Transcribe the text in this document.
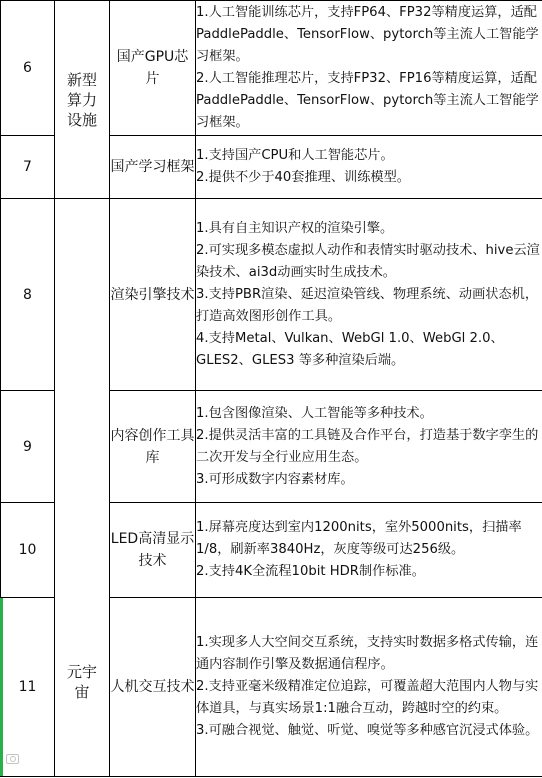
6	新型算力设施	国产GPU芯片	1.人工智能训练芯片，支持FP64、FP32等精度运算，适配PaddlePaddle、TensorFlow、pytorch等主流人工智能学习框架。

2.人工智能推理芯片，支持FP32、FP16等精度运算，适配PaddlePaddle、TensorFlow、pytorch等主流人工智能学习框架。

7		国产学习框架	1.支持国产CPU和人工智能芯片。

2.提供不少于40套推理、训练模型。

8	元宇宙	渲染引擎技术	1.具有自主知识产权的渲染引擎。

2.可实现多模态虚拟人动作和表情实时驱动技术、hive云渲染技术、ai3d动画实时生成技术。

3.支持PBR渲染、延迟渲染管线、物理系统、动画状态机，打造高效图形创作工具。

4.支持Metal、Vulkan、WebGl 1.0、WebGl 2.0、GLES2、GLES3 等多种渲染后端。

9		内容创作工具库	1.包含图像渲染、人工智能等多种技术。

2.提供灵活丰富的工具链及合作平台，打造基于数字孪生的二次开发与全行业应用生态。

3.可形成数字内容素材库。

10		LED高清显示技术	1.屏幕亮度达到室内1200nits，室外5000nits，扫描率1/8，刷新率3840Hz，灰度等级可达256级。

2.支持4K全流程10bit HDR制作标准。

11		人机交互技术	1.实现多人大空间交互系统，支持实时数据多格式传输，连通内容制作引擎及数据通信程序。

2.支持亚毫米级精准定位追踪，可覆盖超大范围内人物与实体道具，与真实场景1:1融合互动，跨越时空的约束。

3.可融合视觉、触觉、听觉、嗅觉等多种感官沉浸式体验。
